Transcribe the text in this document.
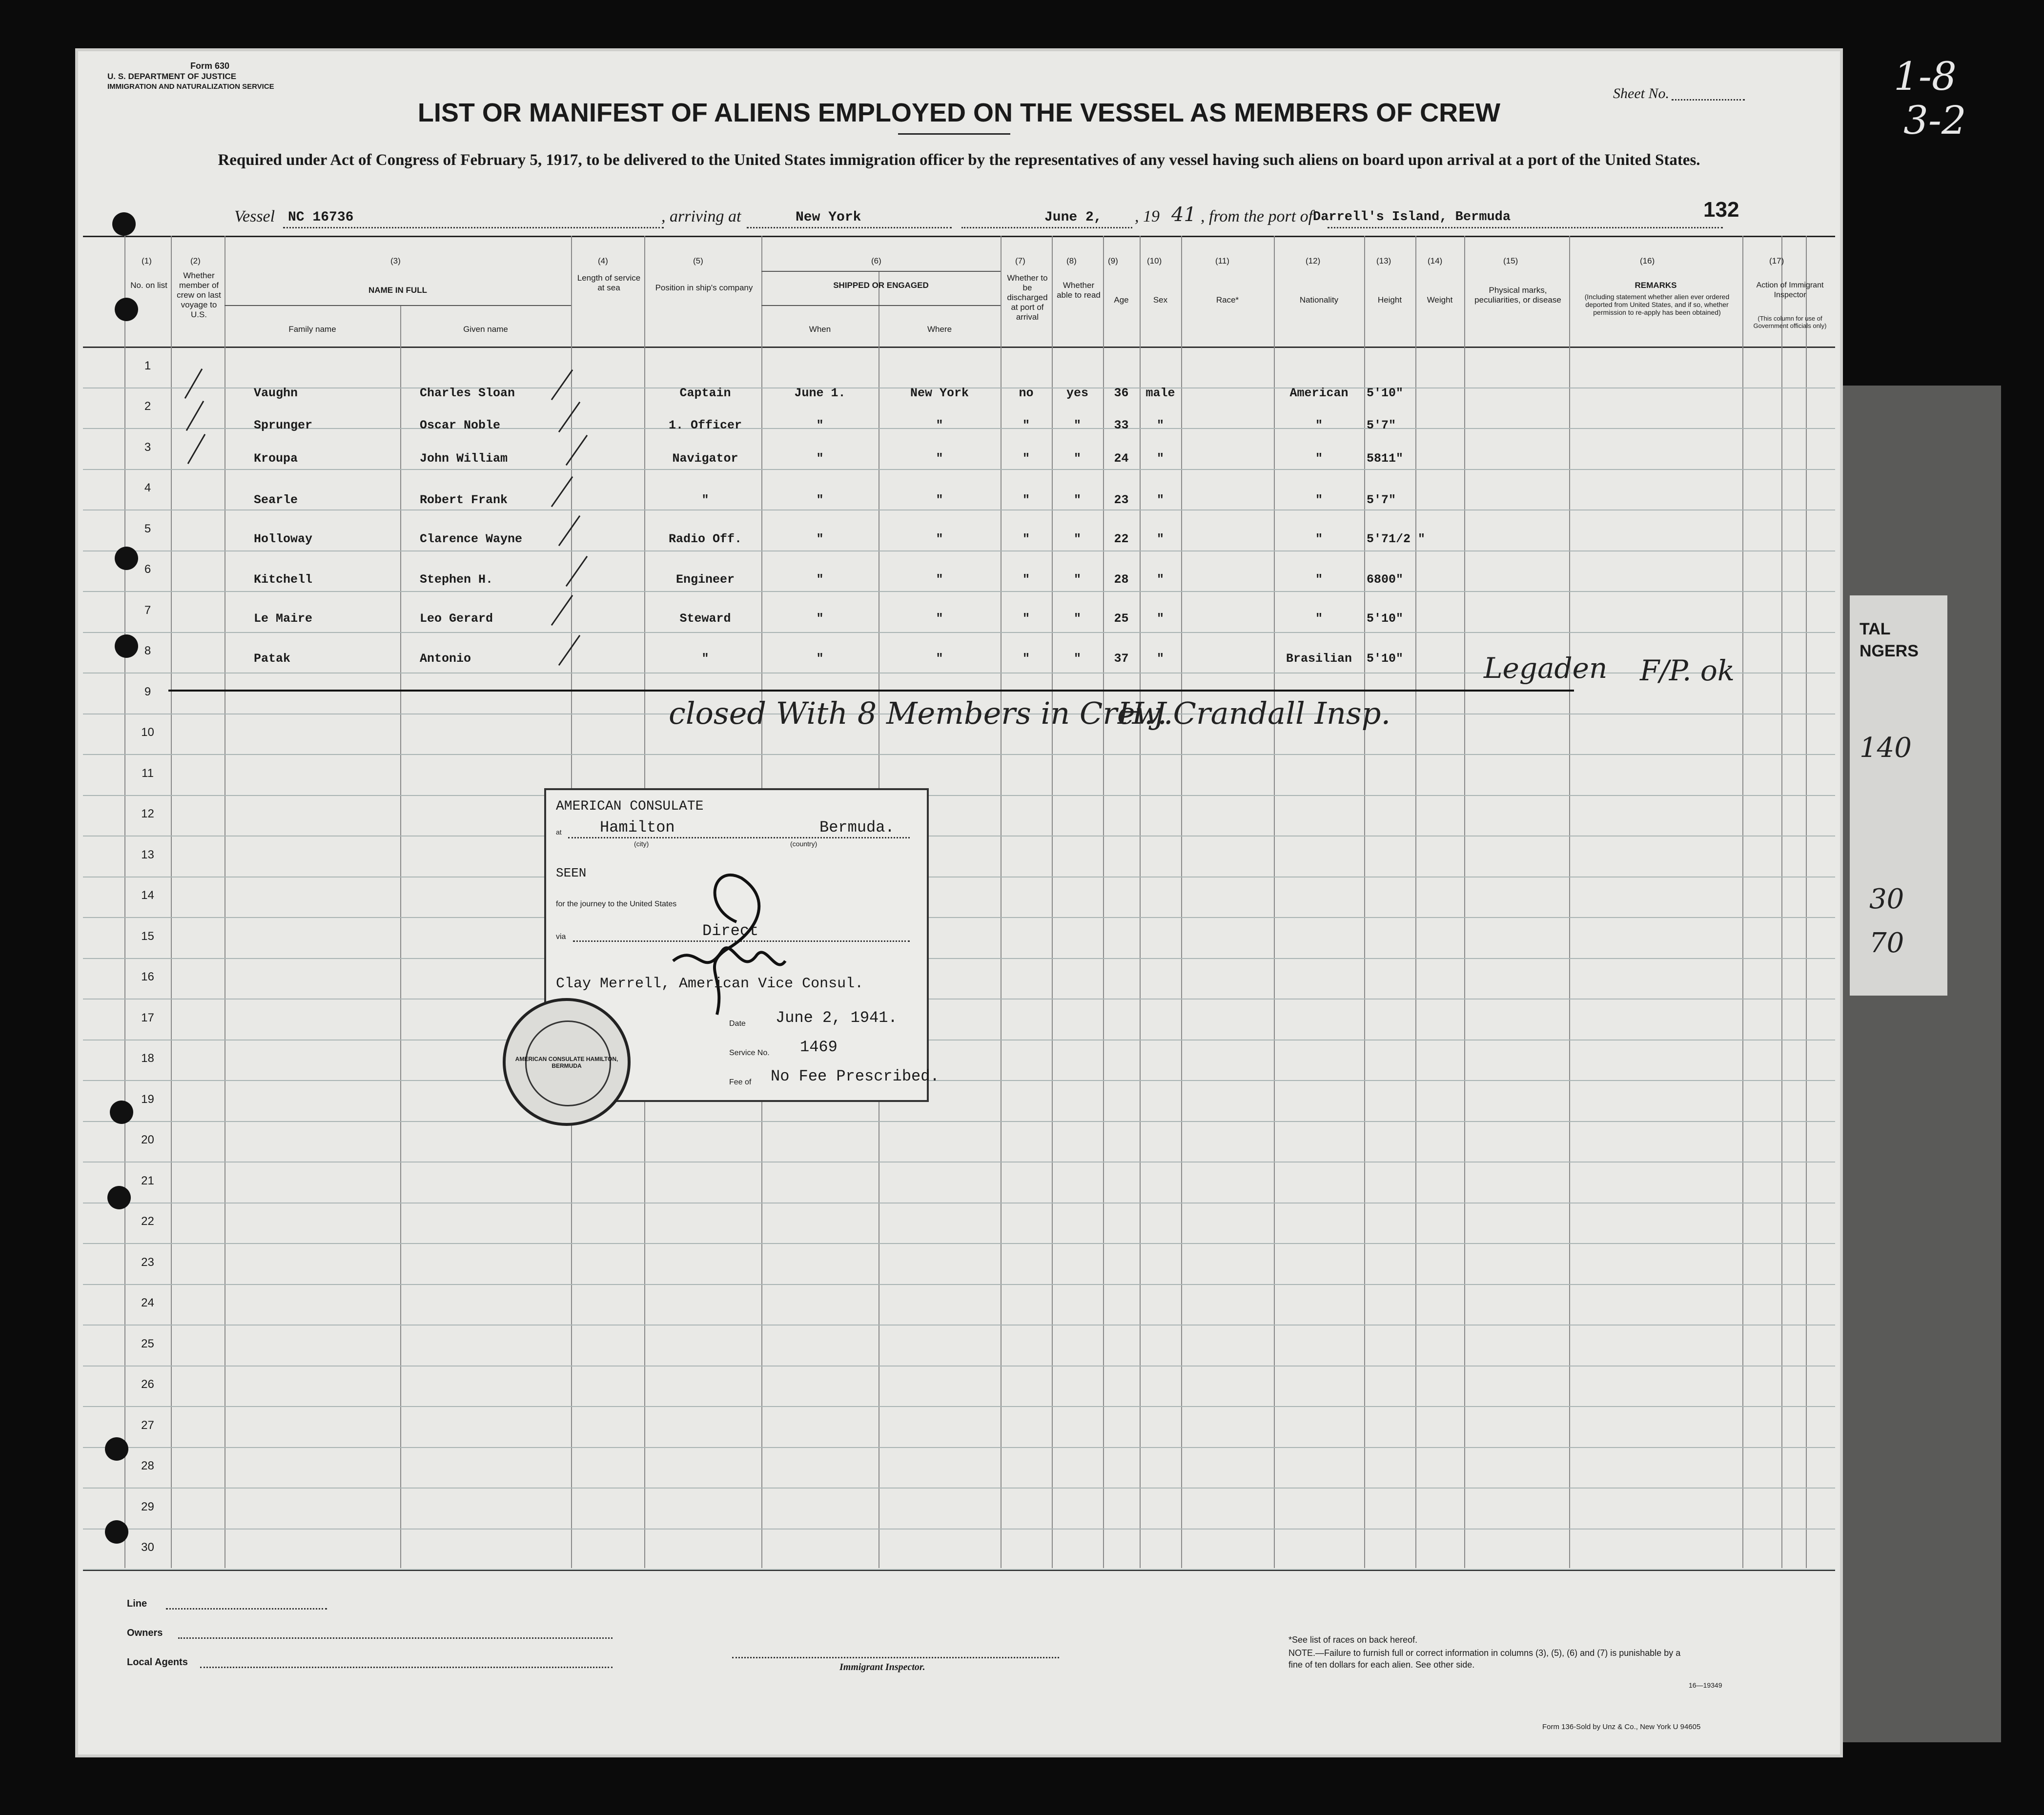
TAL
NGERS
140
30
70
1-8
3-2
Form 630
U. S. DEPARTMENT OF JUSTICE
IMMIGRATION AND NATURALIZATION SERVICE	Sheet No.
LIST OR MANIFEST OF ALIENS EMPLOYED ON THE VESSEL AS MEMBERS OF CREW
Required under Act of Congress of February 5, 1917, to be delivered to the United States immigration officer by the representatives of any vessel having such aliens on board upon arrival at a port of the United States.
Vessel NC 16736	, arriving at	New York	June 2, , 19 41 , from the port of Darrell's Island, Bermuda	132
(1)
No. on list
(2)
Whether member of crew on last voyage to U.S.
(3)
NAME IN FULL
Family name	Given name
(4)
Length of service at sea
(5)
Position in ship's company
(6)
SHIPPED OR ENGAGED
When	Where
(7)
Whether to be discharged at port of arrival
(8)
Whether able to read
(9)
Age
(10)
Sex
(11)
Race*
(12)
Nationality
(13)
Height
(14)
Weight
(15)
Physical marks, peculiarities, or disease
(16)
REMARKS
(Including statement whether alien ever ordered deported from United States, and if so, whether permission to re-apply has been obtained)
(17)
Action of Immigrant Inspector
(This column for use of Government officials only)
1
2
3
4
5
6
7
8
9
10
11
12
13
14
15
16
17
18
19
20
21
22
23
24
25
26
27
28
29
30
Vaughn	Charles Sloan	Captain	June 1.	New York	no	yes	36	male	American	5'10"
Sprunger	Oscar Noble	1. Officer	"	"	"	"	33	"	"	5'7"
Kroupa	John William	Navigator	"	"	"	"	24	"	"	5811"
Searle	Robert Frank	"	"	"	"	"	23	"	"	5'7"
Holloway	Clarence Wayne	Radio Off.	"	"	"	"	22	"	"	5'71/2 "
Kitchell	Stephen H.	Engineer	"	"	"	"	28	"	"	6800"
Le Maire	Leo Gerard	Steward	"	"	"	"	25	"	"	5'10"
Patak	Antonio	"	"	"	"	"	37	"	Brasilian	5'10"
closed With 8 Members in Crew.
H.J.Crandall Insp.
Legaden F/P. ok
AMERICAN CONSULATE
at Hamilton	Bermuda.
(city)	(country)
SEEN
for the journey to the United States
via	Direct
Clay Merrell, American Vice Consul.
Date June 2, 1941.
Service No. 1469
Fee of No Fee Prescribed.
AMERICAN CONSULATE HAMILTON, BERMUDA
Line
Owners
Local Agents	Immigrant Inspector.
*See list of races on back hereof.
NOTE.—Failure to furnish full or correct information in columns (3), (5), (6) and (7) is punishable by a fine of ten dollars for each alien. See other side.
16—19349
Form 136-Sold by Unz & Co., New York U 94605
